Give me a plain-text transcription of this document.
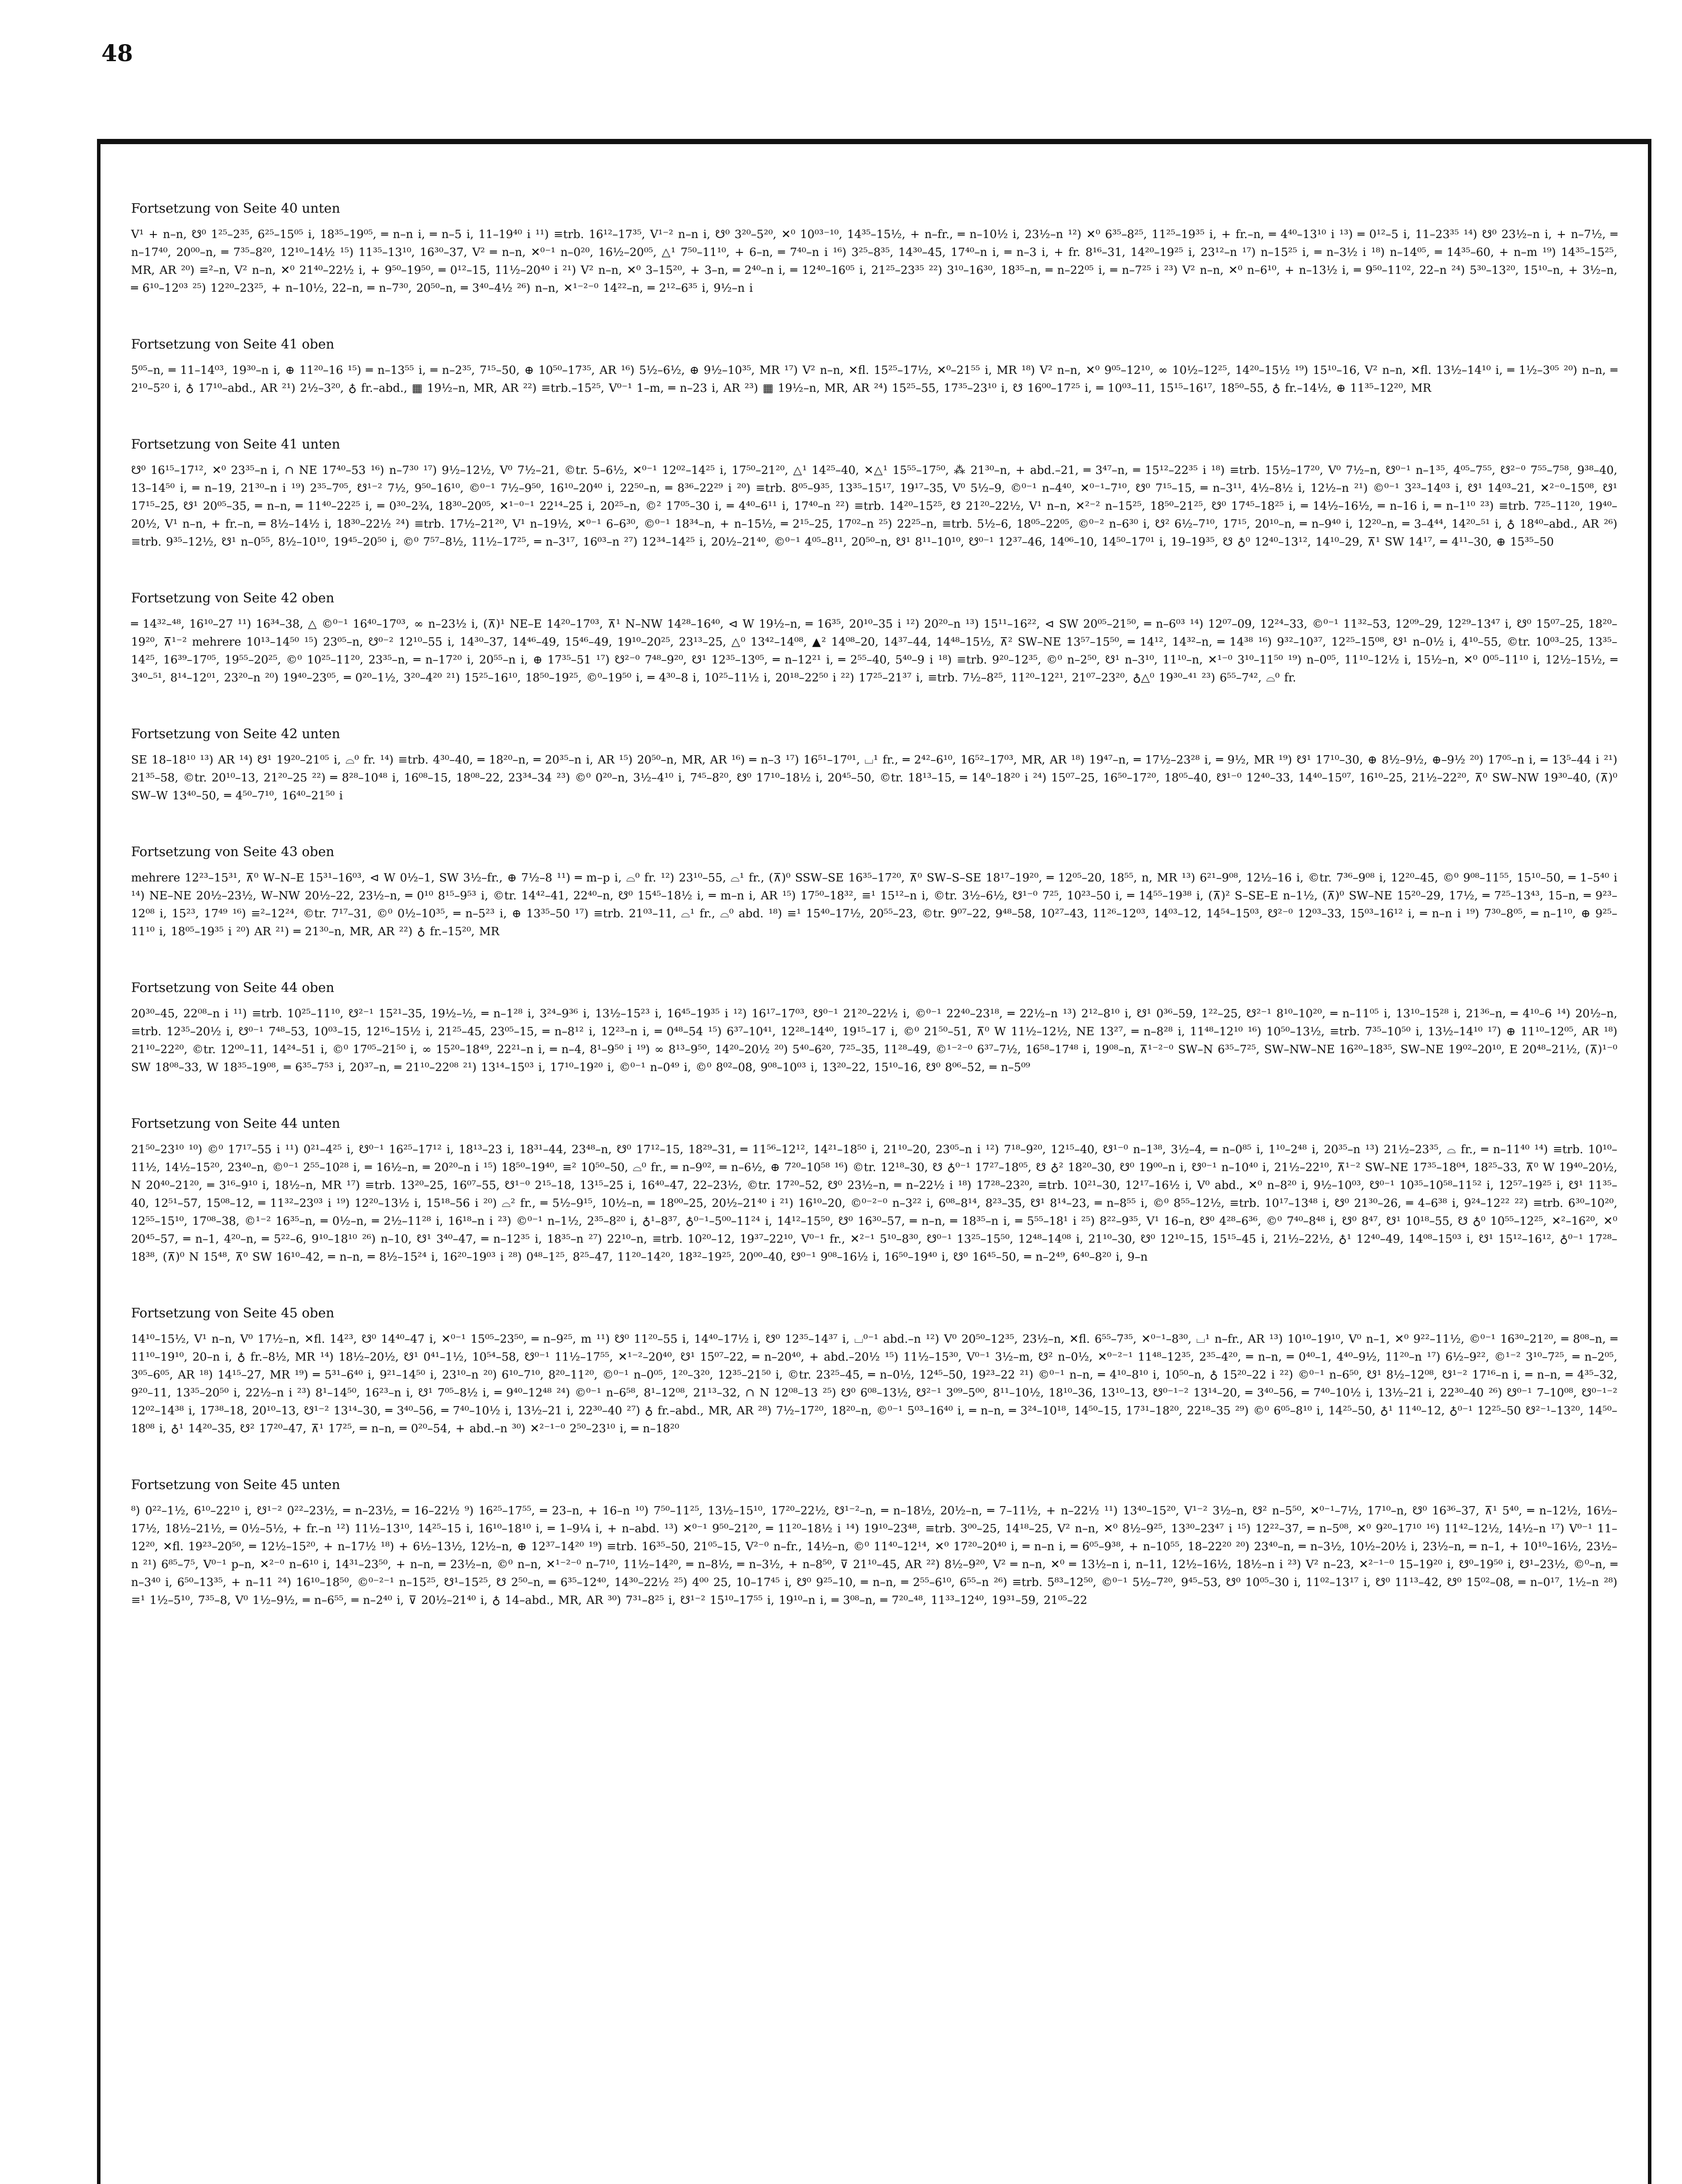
48

Fortsetzung von Seite 40 unten

V¹ + n–n, ☋⁰ 1²⁵–2³⁵, 6²⁵–15⁰⁵ i, 18³⁵–19⁰⁵, ═ n–n i, ═ n–5 i, 11–19⁴⁰ i ¹¹) ≡trb. 16¹²–17³⁵, V¹⁻² n–n i, ☋⁰ 3²⁰–5²⁰, ✕⁰ 10⁰³⁻¹⁰, 14³⁵–15½, + n–fr., ═ n–10½ i, 23½–n ¹²) ✕⁰ 6³⁵–8²⁵, 11²⁵–19³⁵ i, + fr.–n, ═ 4⁴⁰–13¹⁰ i ¹³) ═ 0¹²–5 i, 11–23³⁵ ¹⁴) ☋⁰ 23½–n i, + n–7½, ═ n–17⁴⁰, 20⁰⁰–n, ═ 7³⁵–8²⁰, 12¹⁰–14½ ¹⁵) 11³⁵–13¹⁰, 16³⁰–37, V² ═ n–n, ✕⁰⁻¹ n–0²⁰, 16½–20⁰⁵, △¹ 7⁵⁰–11¹⁰, + 6–n, ═ 7⁴⁰–n i ¹⁶) 3²⁵–8³⁵, 14³⁰–45, 17⁴⁰–n i, ═ n–3 i, + fr. 8¹⁶–31, 14²⁰–19²⁵ i, 23¹²–n ¹⁷) n–15²⁵ i, ═ n–3½ i ¹⁸) n–14⁰⁵, ═ 14³⁵–60, + n–m ¹⁹) 14³⁵–15²⁵, MR, AR ²⁰) ≡²–n, V² n–n, ✕⁰ 21⁴⁰–22½ i, + 9⁵⁰–19⁵⁰, ═ 0¹²–15, 11½–20⁴⁰ i ²¹) V² n–n, ✕⁰ 3–15²⁰, + 3–n, ═ 2⁴⁰–n i, ═ 12⁴⁰–16⁰⁵ i, 21²⁵–23³⁵ ²²) 3¹⁰–16³⁰, 18³⁵–n, ═ n–22⁰⁵ i, ═ n–7²⁵ i ²³) V² n–n, ✕⁰ n–6¹⁰, + n–13½ i, ═ 9⁵⁰–11⁰², 22–n ²⁴) 5³⁰–13²⁰, 15¹⁰–n, + 3½–n, ═ 6¹⁰–12⁰³ ²⁵) 12²⁰–23²⁵, + n–10½, 22–n, ═ n–7³⁰, 20⁵⁰–n, ═ 3⁴⁰–4½ ²⁶) n–n, ✕¹⁻²⁻⁰ 14²²–n, ═ 2¹²–6³⁵ i, 9½–n i

Fortsetzung von Seite 41 oben

5⁰⁵–n, ═ 11–14⁰³, 19³⁰–n i, ⊕ 11²⁰–16 ¹⁵) ═ n–13⁵⁵ i, ═ n–2³⁵, 7¹⁵–50, ⊕ 10⁵⁰–17³⁵, AR ¹⁶) 5½–6½, ⊕ 9½–10³⁵, MR ¹⁷) V² n–n, ✕fl. 15²⁵–17½, ✕⁰–21⁵⁵ i, MR ¹⁸) V² n–n, ✕⁰ 9⁰⁵–12¹⁰, ∞ 10½–12²⁵, 14²⁰–15½ ¹⁹) 15¹⁰–16, V² n–n, ✕fl. 13½–14¹⁰ i, ═ 1½–3⁰⁵ ²⁰) n–n, ═ 2¹⁰–5²⁰ i, ♁ 17¹⁰–abd., AR ²¹) 2½–3²⁰, ♁ fr.–abd., ▦ 19½–n, MR, AR ²²) ≡trb.–15²⁵, V⁰⁻¹ 1–m, ═ n–23 i, AR ²³) ▦ 19½–n, MR, AR ²⁴) 15²⁵–55, 17³⁵–23¹⁰ i, ☋ 16⁰⁰–17²⁵ i, ═ 10⁰³–11, 15¹⁵–16¹⁷, 18⁵⁰–55, ♁ fr.–14½, ⊕ 11³⁵–12²⁰, MR

Fortsetzung von Seite 41 unten

☋⁰ 16¹⁵–17¹², ✕⁰ 23³⁵–n i, ∩ NE 17⁴⁰–53 ¹⁶) n–7³⁰ ¹⁷) 9½–12½, V⁰ 7½–21, ©tr. 5–6½, ✕⁰⁻¹ 12⁰²–14²⁵ i, 17⁵⁰–21²⁰, △¹ 14²⁵–40, ✕△¹ 15⁵⁵–17⁵⁰, ⁂ 21³⁰–n, + abd.–21, ═ 3⁴⁷–n, ═ 15¹²–22³⁵ i ¹⁸) ≡trb. 15½–17²⁰, V⁰ 7½–n, ☋⁰⁻¹ n–1³⁵, 4⁰⁵–7⁵⁵, ☋²⁻⁰ 7⁵⁵–7⁵⁸, 9³⁸–40, 13–14⁵⁰ i, ═ n–19, 21³⁰–n i ¹⁹) 2³⁵–7⁰⁵, ☋¹⁻² 7½, 9⁵⁰–16¹⁰, ©⁰⁻¹ 7½–9⁵⁰, 16¹⁰–20⁴⁰ i, 22⁵⁰–n, ═ 8³⁶–22²⁹ i ²⁰) ≡trb. 8⁰⁵–9³⁵, 13³⁵–15¹⁷, 19¹⁷–35, V⁰ 5½–9, ©⁰⁻¹ n–4⁴⁰, ✕⁰⁻¹–7¹⁰, ☋⁰ 7¹⁵–15, ═ n–3¹¹, 4½–8½ i, 12½–n ²¹) ©⁰⁻¹ 3²³–14⁰³ i, ☋¹ 14⁰³–21, ✕²⁻⁰–15⁰⁸, ☋¹ 17¹⁵–25, ☋¹ 20⁰⁵–35, ═ n–n, ═ 11⁴⁰–22²⁵ i, ═ 0³⁰–2¾, 18³⁰–20⁰⁵, ✕¹⁻⁰⁻¹ 22¹⁴–25 i, 20²⁵–n, ©² 17⁰⁵–30 i, ═ 4⁴⁰–6¹¹ i, 17⁴⁰–n ²²) ≡trb. 14²⁰–15²⁵, ☋ 21²⁰–22½, V¹ n–n, ✕²⁻² n–15²⁵, 18⁵⁰–21²⁵, ☋⁰ 17⁴⁵–18²⁵ i, ═ 14½–16½, ═ n–16 i, ═ n–1¹⁰ ²³) ≡trb. 7²⁵–11²⁰, 19⁴⁰–20½, V¹ n–n, + fr.–n, ═ 8½–14½ i, 18³⁰–22½ ²⁴) ≡trb. 17½–21²⁰, V¹ n–19½, ✕⁰⁻¹ 6–6³⁰, ©⁰⁻¹ 18³⁴–n, + n–15½, ═ 2¹⁵–25, 17⁰²–n ²⁵) 22²⁵–n, ≡trb. 5½–6, 18⁰⁵–22⁰⁵, ©⁰⁻² n–6³⁰ i, ☋² 6½–7¹⁰, 17¹⁵, 20¹⁰–n, ═ n–9⁴⁰ i, 12²⁰–n, ═ 3–4⁴⁴, 14²⁰–⁵¹ i, ♁ 18⁴⁰–abd., AR ²⁶) ≡trb. 9³⁵–12½, ☋¹ n–0⁵⁵, 8½–10¹⁰, 19⁴⁵–20⁵⁰ i, ©⁰ 7⁵⁷–8½, 11½–17²⁵, ═ n–3¹⁷, 16⁰³–n ²⁷) 12³⁴–14²⁵ i, 20½–21⁴⁰, ©⁰⁻¹ 4⁰⁵–8¹¹, 20⁵⁰–n, ☋¹ 8¹¹–10¹⁰, ☋⁰⁻¹ 12³⁷–46, 14⁰⁶–10, 14⁵⁰–17⁰¹ i, 19–19³⁵, ☋ ♁⁰ 12⁴⁰–13¹², 14¹⁰–29, ⊼¹ SW 14¹⁷, ═ 4¹¹–30, ⊕ 15³⁵–50

Fortsetzung von Seite 42 oben

═ 14³²–⁴⁸, 16¹⁰–27 ¹¹) 16³⁴–38, △ ©⁰⁻¹ 16⁴⁰–17⁰³, ∞ n–23½ i, (⊼)¹ NE–E 14²⁰–17⁰³, ⊼¹ N–NW 14²⁸–16⁴⁰, ⊲ W 19½–n, ═ 16³⁵, 20¹⁰–35 i ¹²) 20²⁰–n ¹³) 15¹¹–16²², ⊲ SW 20⁰⁵–21⁵⁰, ═ n–6⁰³ ¹⁴) 12⁰⁷–09, 12²⁴–33, ©⁰⁻¹ 11³²–53, 12⁰⁹–29, 12²⁹–13⁴⁷ i, ☋⁰ 15⁰⁷–25, 18²⁰–19²⁰, ⊼¹⁻² mehrere 10¹³–14⁵⁰ ¹⁵) 23⁰⁵–n, ☋⁰⁻² 12¹⁰–55 i, 14³⁰–37, 14⁴⁶–49, 15⁴⁶–49, 19¹⁰–20²⁵, 23¹³–25, △⁰ 13⁴²–14⁰⁸, ▲² 14⁰⁸–20, 14³⁷–44, 14⁴⁸–15½, ⊼² SW–NE 13⁵⁷–15⁵⁰, ═ 14¹², 14³²–n, ═ 14³⁸ ¹⁶) 9³²–10³⁷, 12²⁵–15⁰⁸, ☋¹ n–0½ i, 4¹⁰–55, ©tr. 10⁰³–25, 13³⁵–14²⁵, 16³⁹–17⁰⁵, 19⁵⁵–20²⁵, ©⁰ 10²⁵–11²⁰, 23³⁵–n, ═ n–17²⁰ i, 20⁵⁵–n i, ⊕ 17³⁵–51 ¹⁷) ☋²⁻⁰ 7⁴⁸–9²⁰, ☋¹ 12³⁵–13⁰⁵, ═ n–12²¹ i, ═ 2⁵⁵–40, 5⁴⁰–9 i ¹⁸) ≡trb. 9²⁰–12³⁵, ©⁰ n–2⁵⁰, ☋¹ n–3¹⁰, 11¹⁰–n, ✕¹⁻⁰ 3¹⁰–11⁵⁰ ¹⁹) n–0⁰⁵, 11¹⁰–12½ i, 15½–n, ✕⁰ 0⁰⁵–11¹⁰ i, 12½–15½, ═ 3⁴⁰–⁵¹, 8¹⁴–12⁰¹, 23²⁰–n ²⁰) 19⁴⁰–23⁰⁵, ═ 0²⁰–1½, 3²⁰–4²⁰ ²¹) 15²⁵–16¹⁰, 18⁵⁰–19²⁵, ©⁰–19⁵⁰ i, ═ 4³⁰–8 i, 10²⁵–11½ i, 20¹⁸–22⁵⁰ i ²²) 17²⁵–21³⁷ i, ≡trb. 7½–8²⁵, 11²⁰–12²¹, 21⁰⁷–23²⁰, ♁△⁰ 19³⁰–⁴¹ ²³) 6⁵⁵–7⁴², ⌓⁰ fr.

Fortsetzung von Seite 42 unten

SE 18–18¹⁰ ¹³) AR ¹⁴) ☋¹ 19²⁰–21⁰⁵ i, ⌓⁰ fr. ¹⁴) ≡trb. 4³⁰–40, ═ 18²⁰–n, ═ 20³⁵–n i, AR ¹⁵) 20⁵⁰–n, MR, AR ¹⁶) ═ n–3 ¹⁷) 16⁵¹–17⁰¹, ⌴¹ fr., ═ 2⁴²–6¹⁰, 16⁵²–17⁰³, MR, AR ¹⁸) 19⁴⁷–n, ═ 17½–23²⁸ i, ═ 9½, MR ¹⁹) ☋¹ 17¹⁰–30, ⊕ 8½–9½, ⊕–9½ ²⁰) 17⁰⁵–n i, ═ 13⁵–44 i ²¹) 21³⁵–58, ©tr. 20¹⁰–13, 21²⁰–25 ²²) ═ 8²⁸–10⁴⁸ i, 16⁰⁸–15, 18⁰⁸–22, 23³⁴–34 ²³) ©⁰ 0²⁰–n, 3½–4¹⁰ i, 7⁴⁵–8²⁰, ☋⁰ 17¹⁰–18½ i, 20⁴⁵–50, ©tr. 18¹³–15, ═ 14⁰–18²⁰ i ²⁴) 15⁰⁷–25, 16⁵⁰–17²⁰, 18⁰⁵–40, ☋¹⁻⁰ 12⁴⁰–33, 14⁴⁰–15⁰⁷, 16¹⁰–25, 21½–22²⁰, ⊼⁰ SW–NW 19³⁰–40, (⊼)⁰ SW–W 13⁴⁰–50, ═ 4⁵⁰–7¹⁰, 16⁴⁰–21⁵⁰ i

Fortsetzung von Seite 43 oben

mehrere 12²³–15³¹, ⊼⁰ W–N–E 15³¹–16⁰³, ⊲ W 0½–1, SW 3½–fr., ⊕ 7½–8 ¹¹) ═ m–p i, ⌓⁰ fr. ¹²) 23¹⁰–55, ⌓¹ fr., (⊼)⁰ SSW–SE 16³⁵–17²⁰, ⊼⁰ SW–S–SE 18¹⁷–19²⁰, ═ 12⁰⁵–20, 18⁵⁵, n, MR ¹³) 6²¹–9⁰⁸, 12½–16 i, ©tr. 7³⁶–9⁰⁸ i, 12²⁰–45, ©⁰ 9⁰⁸–11⁵⁵, 15¹⁰–50, ═ 1–5⁴⁰ i ¹⁴) NE–NE 20½–23½, W–NW 20½–22, 23½–n, ═ 0¹⁰ 8¹⁵–9⁵³ i, ©tr. 14⁴²–41, 22⁴⁰–n, ☋⁰ 15⁴⁵–18½ i, ═ m–n i, AR ¹⁵) 17⁵⁰–18³², ≡¹ 15¹²–n i, ©tr. 3½–6½, ☋¹⁻⁰ 7²⁵, 10²³–50 i, ═ 14⁵⁵–19³⁸ i, (⊼)² S–SE–E n–1½, (⊼)⁰ SW–NE 15²⁰–29, 17½, ═ 7²⁵–13⁴³, 15–n, ═ 9²³–12⁰⁸ i, 15²³, 17⁴⁹ ¹⁶) ≡²–12²⁴, ©tr. 7¹⁷–31, ©⁰ 0½–10³⁵, ═ n–5²³ i, ⊕ 13³⁵–50 ¹⁷) ≡trb. 21⁰³–11, ⌓¹ fr., ⌓⁰ abd. ¹⁸) ≡¹ 15⁴⁰–17½, 20⁵⁵–23, ©tr. 9⁰⁷–22, 9⁴⁸–58, 10²⁷–43, 11²⁶–12⁰³, 14⁰³–12, 14⁵⁴–15⁰³, ☋²⁻⁰ 12⁰³–33, 15⁰³–16¹² i, ═ n–n i ¹⁹) 7³⁰–8⁰⁵, ═ n–1¹⁰, ⊕ 9²⁵–11¹⁰ i, 18⁰⁵–19³⁵ i ²⁰) AR ²¹) ═ 21³⁰–n, MR, AR ²²) ♁ fr.–15²⁰, MR

Fortsetzung von Seite 44 oben

20³⁰–45, 22⁰⁸–n i ¹¹) ≡trb. 10²⁵–11¹⁰, ☋²⁻¹ 15²¹–35, 19½–½, ═ n–1²⁸ i, 3²⁴–9³⁶ i, 13½–15²³ i, 16⁴⁵–19³⁵ i ¹²) 16¹⁷–17⁰³, ☋⁰⁻¹ 21²⁰–22½ i, ©⁰⁻¹ 22⁴⁰–23¹⁸, ═ 22½–n ¹³) 2¹²–8¹⁰ i, ☋¹ 0³⁶–59, 1²²–25, ☋²⁻¹ 8¹⁰–10²⁰, ═ n–11⁰⁵ i, 13¹⁰–15²⁸ i, 21³⁶–n, ═ 4¹⁰–6 ¹⁴) 20½–n, ≡trb. 12³⁵–20½ i, ☋⁰⁻¹ 7⁴⁸–53, 10⁰³–15, 12¹⁶–15½ i, 21²⁵–45, 23⁰⁵–15, ═ n–8¹² i, 12²³–n i, ═ 0⁴⁸–54 ¹⁵) 6³⁷–10⁴¹, 12²⁸–14⁴⁰, 19¹⁵–17 i, ©⁰ 21⁵⁰–51, ⊼⁰ W 11½–12½, NE 13²⁷, ═ n–8²⁸ i, 11⁴⁸–12¹⁰ ¹⁶) 10⁵⁰–13½, ≡trb. 7³⁵–10⁵⁰ i, 13½–14¹⁰ ¹⁷) ⊕ 11¹⁰–12⁰⁵, AR ¹⁸) 21¹⁰–22²⁰, ©tr. 12⁰⁰–11, 14²⁴–51 i, ©⁰ 17⁰⁵–21⁵⁰ i, ∞ 15²⁰–18⁴⁹, 22²¹–n i, ═ n–4, 8¹–9⁵⁰ i ¹⁹) ∞ 8¹³–9⁵⁰, 14²⁰–20½ ²⁰) 5⁴⁰–6²⁰, 7²⁵–35, 11²⁸–49, ©¹⁻²⁻⁰ 6³⁷–7½, 16⁵⁸–17⁴⁸ i, 19⁰⁸–n, ⊼¹⁻²⁻⁰ SW–N 6³⁵–7²⁵, SW–NW–NE 16²⁰–18³⁵, SW–NE 19⁰²–20¹⁰, E 20⁴⁸–21½, (⊼)¹⁻⁰ SW 18⁰⁸–33, W 18³⁵–19⁰⁸, ═ 6³⁵–7⁵³ i, 20³⁷–n, ═ 21¹⁰–22⁰⁸ ²¹) 13¹⁴–15⁰³ i, 17¹⁰–19²⁰ i, ©⁰⁻¹ n–0⁴⁹ i, ©⁰ 8⁰²–08, 9⁰⁸–10⁰³ i, 13²⁰–22, 15¹⁰–16, ☋⁰ 8⁰⁶–52, ═ n–5⁰⁹

Fortsetzung von Seite 44 unten

21⁵⁰–23¹⁰ ¹⁰) ©⁰ 17¹⁷–55 i ¹¹) 0²¹–4²⁵ i, ☋⁰⁻¹ 16²⁵–17¹² i, 18¹³–23 i, 18³¹–44, 23⁴⁸–n, ☋⁰ 17¹²–15, 18²⁹–31, ═ 11⁵⁶–12¹², 14²¹–18⁵⁰ i, 21¹⁰–20, 23⁰⁵–n i ¹²) 7¹⁸–9²⁰, 12¹⁵–40, ☋¹⁻⁰ n–1³⁸, 3½–4, ═ n–0⁸⁵ i, 1¹⁰–2⁴⁸ i, 20³⁵–n ¹³) 21½–23³⁵, ⌓ fr., ═ n–11⁴⁰ ¹⁴) ≡trb. 10¹⁰–11½, 14½–15²⁰, 23⁴⁰–n, ©⁰⁻¹ 2⁵⁵–10²⁸ i, ═ 16½–n, ═ 20²⁰–n i ¹⁵) 18⁵⁰–19⁴⁰, ≡² 10⁵⁰–50, ⌓⁰ fr., ═ n–9⁰², ═ n–6½, ⊕ 7²⁰–10⁵⁸ ¹⁶) ©tr. 12¹⁸–30, ☋ ♁⁰⁻¹ 17²⁷–18⁰⁵, ☋ ♁² 18²⁰–30, ☋⁰ 19⁰⁰–n i, ☋⁰⁻¹ n–10⁴⁰ i, 21½–22¹⁰, ⊼¹⁻² SW–NE 17³⁵–18⁰⁴, 18²⁵–33, ⊼⁰ W 19⁴⁰–20½, N 20⁴⁰–21²⁰, ═ 3¹⁶–9¹⁰ i, 18½–n, MR ¹⁷) ≡trb. 13²⁰–25, 16⁰⁷–55, ☋¹⁻⁰ 2¹⁵–18, 13¹⁵–25 i, 16⁴⁰–47, 22–23½, ©tr. 17²⁰–52, ☋⁰ 23½–n, ═ n–22½ i ¹⁸) 17²⁸–23²⁰, ≡trb. 10²¹–30, 12¹⁷–16½ i, V⁰ abd., ✕⁰ n–8²⁰ i, 9½–10⁰³, ☋⁰⁻¹ 10³⁵–10⁵⁸–11⁵² i, 12⁵⁷–19²⁵ i, ☋¹ 11³⁵–40, 12⁵¹–57, 15⁰⁸–12, ═ 11³²–23⁰³ i ¹⁹) 12²⁰–13½ i, 15¹⁸–56 i ²⁰) ⌓² fr., ═ 5½–9¹⁵, 10½–n, ═ 18⁰⁰–25, 20½–21⁴⁰ i ²¹) 16¹⁰–20, ©⁰⁻²⁻⁰ n–3²² i, 6⁰⁸–8¹⁴, 8²³–35, ☋¹ 8¹⁴–23, ═ n–8⁵⁵ i, ©⁰ 8⁵⁵–12½, ≡trb. 10¹⁷–13⁴⁸ i, ☋⁰ 21³⁰–26, ═ 4–6³⁸ i, 9²⁴–12²² ²²) ≡trb. 6³⁰–10²⁰, 12⁵⁵–15¹⁰, 17⁰⁸–38, ©¹⁻² 16³⁵–n, ═ 0½–n, ═ 2½–11²⁸ i, 16¹⁸–n i ²³) ©⁰⁻¹ n–1½, 2³⁵–8²⁰ i, ♁¹–8³⁷, ♁⁰⁻¹–5⁰⁰–11²⁴ i, 14¹²–15⁵⁰, ☋⁰ 16³⁰–57, ═ n–n, ═ 18³⁵–n i, ═ 5⁵⁵–18¹ i ²⁵) 8²²–9³⁵, V¹ 16–n, ☋⁰ 4²⁸–6³⁶, ©⁰ 7⁴⁰–8⁴⁸ i, ☋⁰ 8⁴⁷, ☋¹ 10¹⁸–55, ☋ ♁⁰ 10⁵⁵–12²⁵, ✕²–16²⁰, ✕⁰ 20⁴⁵–57, ═ n–1, 4²⁰–n, ═ 5²²–6, 9¹⁰–18¹⁰ ²⁶) n–10, ☋¹ 3⁴⁰–47, ═ n–12³⁵ i, 18³⁵–n ²⁷) 22¹⁰–n, ≡trb. 10²⁰–12, 19³⁷–22¹⁰, V⁰⁻¹ fr., ✕²⁻¹ 5¹⁰–8³⁰, ☋⁰⁻¹ 13²⁵–15⁵⁰, 12⁴⁸–14⁰⁸ i, 21¹⁰–30, ☋⁰ 12¹⁰–15, 15¹⁵–45 i, 21½–22½, ♁¹ 12⁴⁰–49, 14⁰⁸–15⁰³ i, ☋¹ 15¹²–16¹², ♁⁰⁻¹ 17²⁸–18³⁸, (⊼)⁰ N 15⁴⁸, ⊼⁰ SW 16¹⁰–42, ═ n–n, ═ 8½–15²⁴ i, 16²⁰–19⁰³ i ²⁸) 0⁴⁸–1²⁵, 8²⁵–47, 11²⁰–14²⁰, 18³²–19²⁵, 20⁰⁰–40, ☋⁰⁻¹ 9⁰⁸–16½ i, 16⁵⁰–19⁴⁰ i, ☋⁰ 16⁴⁵–50, ═ n–2⁴⁹, 6⁴⁰–8²⁰ i, 9–n

Fortsetzung von Seite 45 oben

14¹⁰–15½, V¹ n–n, V⁰ 17½–n, ✕fl. 14²³, ☋⁰ 14⁴⁰–47 i, ✕⁰⁻¹ 15⁰⁵–23⁵⁰, ═ n–9²⁵, m ¹¹) ☋⁰ 11²⁰–55 i, 14⁴⁰–17½ i, ☋⁰ 12³⁵–14³⁷ i, ⌴⁰⁻¹ abd.–n ¹²) V⁰ 20⁵⁰–12³⁵, 23½–n, ✕fl. 6⁵⁵–7³⁵, ✕⁰⁻¹–8³⁰, ⌴¹ n–fr., AR ¹³) 10¹⁰–19¹⁰, V⁰ n–1, ✕⁰ 9²²–11½, ©⁰⁻¹ 16³⁰–21²⁰, ═ 8⁰⁸–n, ═ 11¹⁰–19¹⁰, 20–n i, ♁ fr.–8½, MR ¹⁴) 18½–20½, ☋¹ 0⁴¹–1½, 10⁵⁴–58, ☋⁰⁻¹ 11½–17⁵⁵, ✕¹⁻²–20⁴⁰, ☋¹ 15⁰⁷–22, ═ n–20⁴⁰, + abd.–20½ ¹⁵) 11½–15³⁰, V⁰⁻¹ 3½–m, ☋² n–0½, ✕⁰⁻²⁻¹ 11⁴⁸–12³⁵, 2³⁵–4²⁰, ═ n–n, ═ 0⁴⁰–1, 4⁴⁰–9½, 11²⁰–n ¹⁷) 6½–9²², ©¹⁻² 3¹⁰–7²⁵, ═ n–2⁰⁵, 3⁰⁵–6⁰⁵, AR ¹⁸) 14¹⁵–27, MR ¹⁹) ═ 5³¹–6⁴⁰ i, 9²¹–14⁵⁰ i, 23¹⁰–n ²⁰) 6¹⁰–7¹⁰, 8²⁰–11²⁰, ©⁰⁻¹ n–0⁰⁵, 1²⁰–3²⁰, 12³⁵–21⁵⁰ i, ©tr. 23²⁵–45, ═ n–0½, 12⁴⁵–50, 19²³–22 ²¹) ©⁰⁻¹ n–n, ═ 4¹⁰–8¹⁰ i, 10⁵⁰–n, ♁ 15²⁰–22 i ²²) ©⁰⁻¹ n–6⁵⁰, ☋¹ 8½–12⁰⁸, ☋¹⁻² 17¹⁶–n i, ═ n–n, ═ 4³⁵–32, 9²⁰–11, 13³⁵–20⁵⁰ i, 22½–n i ²³) 8¹–14⁵⁰, 16²³–n i, ☋¹ 7⁰⁵–8½ i, ═ 9⁴⁰–12⁴⁸ ²⁴) ©⁰⁻¹ n–6⁵⁸, 8¹–12⁰⁸, 21¹³–32, ∩ N 12⁰⁸–13 ²⁵) ☋⁰ 6⁰⁸–13½, ☋²⁻¹ 3⁰⁹–5⁰⁰, 8¹¹–10½, 18¹⁰–36, 13¹⁰–13, ☋⁰⁻¹⁻² 13¹⁴–20, ═ 3⁴⁰–56, ═ 7⁴⁰–10½ i, 13½–21 i, 22³⁰–40 ²⁶) ☋⁰⁻¹ 7–10⁰⁸, ☋⁰⁻¹⁻² 12⁰²–14³⁸ i, 17³⁸–18, 20¹⁰–13, ☋¹⁻² 13¹⁴–30, ═ 3⁴⁰–56, ═ 7⁴⁰–10½ i, 13½–21 i, 22³⁰–40 ²⁷) ♁ fr.–abd., MR, AR ²⁸) 7½–17²⁰, 18²⁰–n, ©⁰⁻¹ 5⁰³–16⁴⁰ i, ═ n–n, ═ 3²⁴–10¹⁸, 14⁵⁰–15, 17³¹–18²⁰, 22¹⁸–35 ²⁹) ©⁰ 6⁰⁵–8¹⁰ i, 14²⁵–50, ♁¹ 11⁴⁰–12, ♁⁰⁻¹ 12²⁵–50 ☋²⁻¹–13²⁰, 14⁵⁰–18⁰⁸ i, ♁¹ 14²⁰–35, ☋² 17²⁰–47, ⊼¹ 17²⁵, ═ n–n, ═ 0²⁰–54, + abd.–n ³⁰) ✕²⁻¹⁻⁰ 2⁵⁰–23¹⁰ i, ═ n–18²⁰

Fortsetzung von Seite 45 unten

⁸) 0²²–1½, 6¹⁰–22¹⁰ i, ☋¹⁻² 0²²–23½, ═ n–23½, ═ 16–22½ ⁹) 16²⁵–17⁵⁵, ═ 23–n, + 16–n ¹⁰) 7⁵⁰–11²⁵, 13½–15¹⁰, 17²⁰–22½, ☋¹⁻²–n, ═ n–18½, 20½–n, ═ 7–11½, + n–22½ ¹¹) 13⁴⁰–15²⁰, V¹⁻² 3½–n, ☋² n–5⁵⁰, ✕⁰⁻¹–7½, 17¹⁰–n, ☋⁰ 16³⁶–37, ⊼¹ 5⁴⁰, ═ n–12½, 16½–17½, 18½–21½, ═ 0½–5½, + fr.–n ¹²) 11½–13¹⁰, 14²⁵–15 i, 16¹⁰–18¹⁰ i, ═ 1–9¼ i, + n–abd. ¹³) ✕⁰⁻¹ 9⁵⁰–21²⁰, ═ 11²⁰–18½ i ¹⁴) 19¹⁰–23⁴⁸, ≡trb. 3⁰⁰–25, 14¹⁸–25, V² n–n, ✕⁰ 8½–9²⁵, 13³⁰–23⁴⁷ i ¹⁵) 12²²–37, ═ n–5⁰⁸, ✕⁰ 9²⁰–17¹⁰ ¹⁶) 11⁴²–12½, 14½–n ¹⁷) V⁰⁻¹ 11–12²⁰, ✕fl. 19²³–20⁵⁰, ═ 12½–15²⁰, + n–17½ ¹⁸) + 6½–13½, 12½–n, ⊕ 12³⁷–14²⁰ ¹⁹) ≡trb. 16³⁵–50, 21⁰⁵–15, V²⁻⁰ n–fr., 14½–n, ©⁰ 11⁴⁰–12¹⁴, ✕⁰ 17²⁰–20⁴⁰ i, ═ n–n i, ═ 6⁰⁵–9³⁸, + n–10⁵⁵, 18–22²⁰ ²⁰) 23⁴⁰–n, ═ n–3½, 10½–20½ i, 23½–n, ═ n–1, + 10¹⁰–16½, 23½–n ²¹) 6⁸⁵–7⁵, V⁰⁻¹ p–n, ✕²⁻⁰ n–6¹⁰ i, 14³¹–23⁵⁰, + n–n, ═ 23½–n, ©⁰ n–n, ✕¹⁻²⁻⁰ n–7¹⁰, 11½–14²⁰, ═ n–8½, ═ n–3½, + n–8⁵⁰, ⊽ 21¹⁰–45, AR ²²) 8½–9²⁰, V² ═ n–n, ✕⁰ ═ 13½–n i, n–11, 12½–16½, 18½–n i ²³) V² n–23, ✕²⁻¹⁻⁰ 15–19²⁰ i, ☋⁰–19⁵⁰ i, ☋¹–23½, ©⁰–n, ═ n–3⁴⁰ i, 6⁵⁰–13³⁵, + n–11 ²⁴) 16¹⁰–18⁵⁰, ©⁰⁻²⁻¹ n–15²⁵, ☋¹–15²⁵, ☋ 2⁵⁰–n, ═ 6³⁵–12⁴⁰, 14³⁰–22½ ²⁵) 4⁰⁰ 25, 10–17⁴⁵ i, ☋⁰ 9²⁵–10, ═ n–n, ═ 2⁵⁵–6¹⁰, 6⁵⁵–n ²⁶) ≡trb. 5⁸³–12⁵⁰, ©⁰⁻¹ 5½–7²⁰, 9⁴⁵–53, ☋⁰ 10⁰⁵–30 i, 11⁰²–13¹⁷ i, ☋⁰ 11¹³–42, ☋⁰ 15⁰²–08, ═ n–0¹⁷, 1½–n ²⁸) ≡¹ 1½–5¹⁰, 7³⁵–8, V⁰ 1½–9½, ═ n–6⁵⁵, ═ n–2⁴⁰ i, ⊽ 20½–21⁴⁰ i, ♁ 14–abd., MR, AR ³⁰) 7³¹–8²⁵ i, ☋¹⁻² 15¹⁰–17⁵⁵ i, 19¹⁰–n i, ═ 3⁰⁸–n, ═ 7²⁰–⁴⁸, 11³³–12⁴⁰, 19³¹–59, 21⁰⁵–22
